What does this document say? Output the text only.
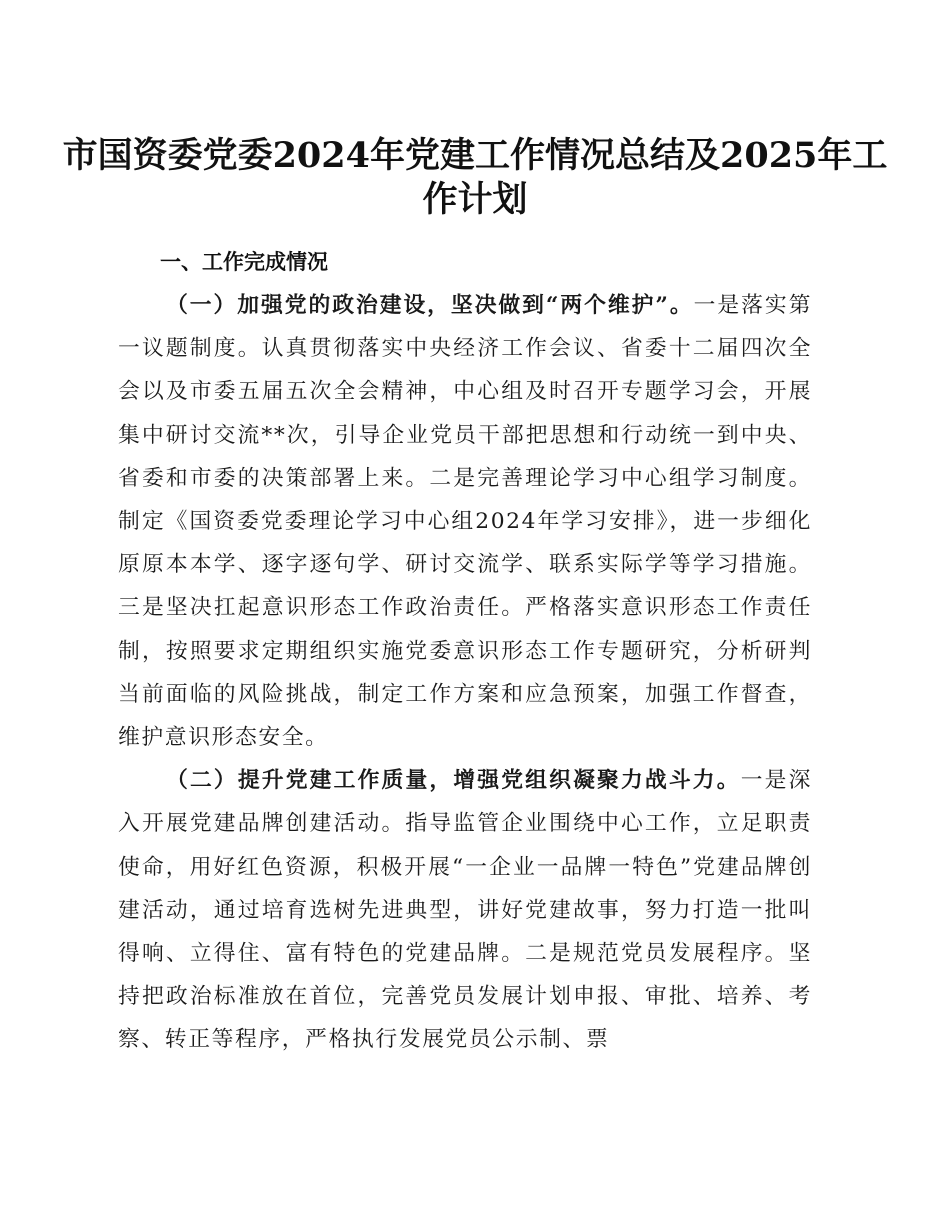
市国资委党委2024年党建工作情况总结及2025年工作计划
一、工作完成情况

（一）加强党的政治建设，坚决做到“两个维护”。一是落实第一议题制度。认真贯彻落实中央经济工作会议、省委十二届四次全会以及市委五届五次全会精神，中心组及时召开专题学习会，开展集中研讨交流**次，引导企业党员干部把思想和行动统一到中央、省委和市委的决策部署上来。二是完善理论学习中心组学习制度。制定《国资委党委理论学习中心组2024年学习安排》，进一步细化原原本本学、逐字逐句学、研讨交流学、联系实际学等学习措施。三是坚决扛起意识形态工作政治责任。严格落实意识形态工作责任制，按照要求定期组织实施党委意识形态工作专题研究，分析研判当前面临的风险挑战，制定工作方案和应急预案，加强工作督查，维护意识形态安全。

（二）提升党建工作质量，增强党组织凝聚力战斗力。一是深入开展党建品牌创建活动。指导监管企业围绕中心工作，立足职责使命，用好红色资源，积极开展“一企业一品牌一特色”党建品牌创建活动，通过培育选树先进典型，讲好党建故事，努力打造一批叫得响、立得住、富有特色的党建品牌。二是规范党员发展程序。坚持把政治标准放在首位，完善党员发展计划申报、审批、培养、考察、转正等程序，严格执行发展党员公示制、票
